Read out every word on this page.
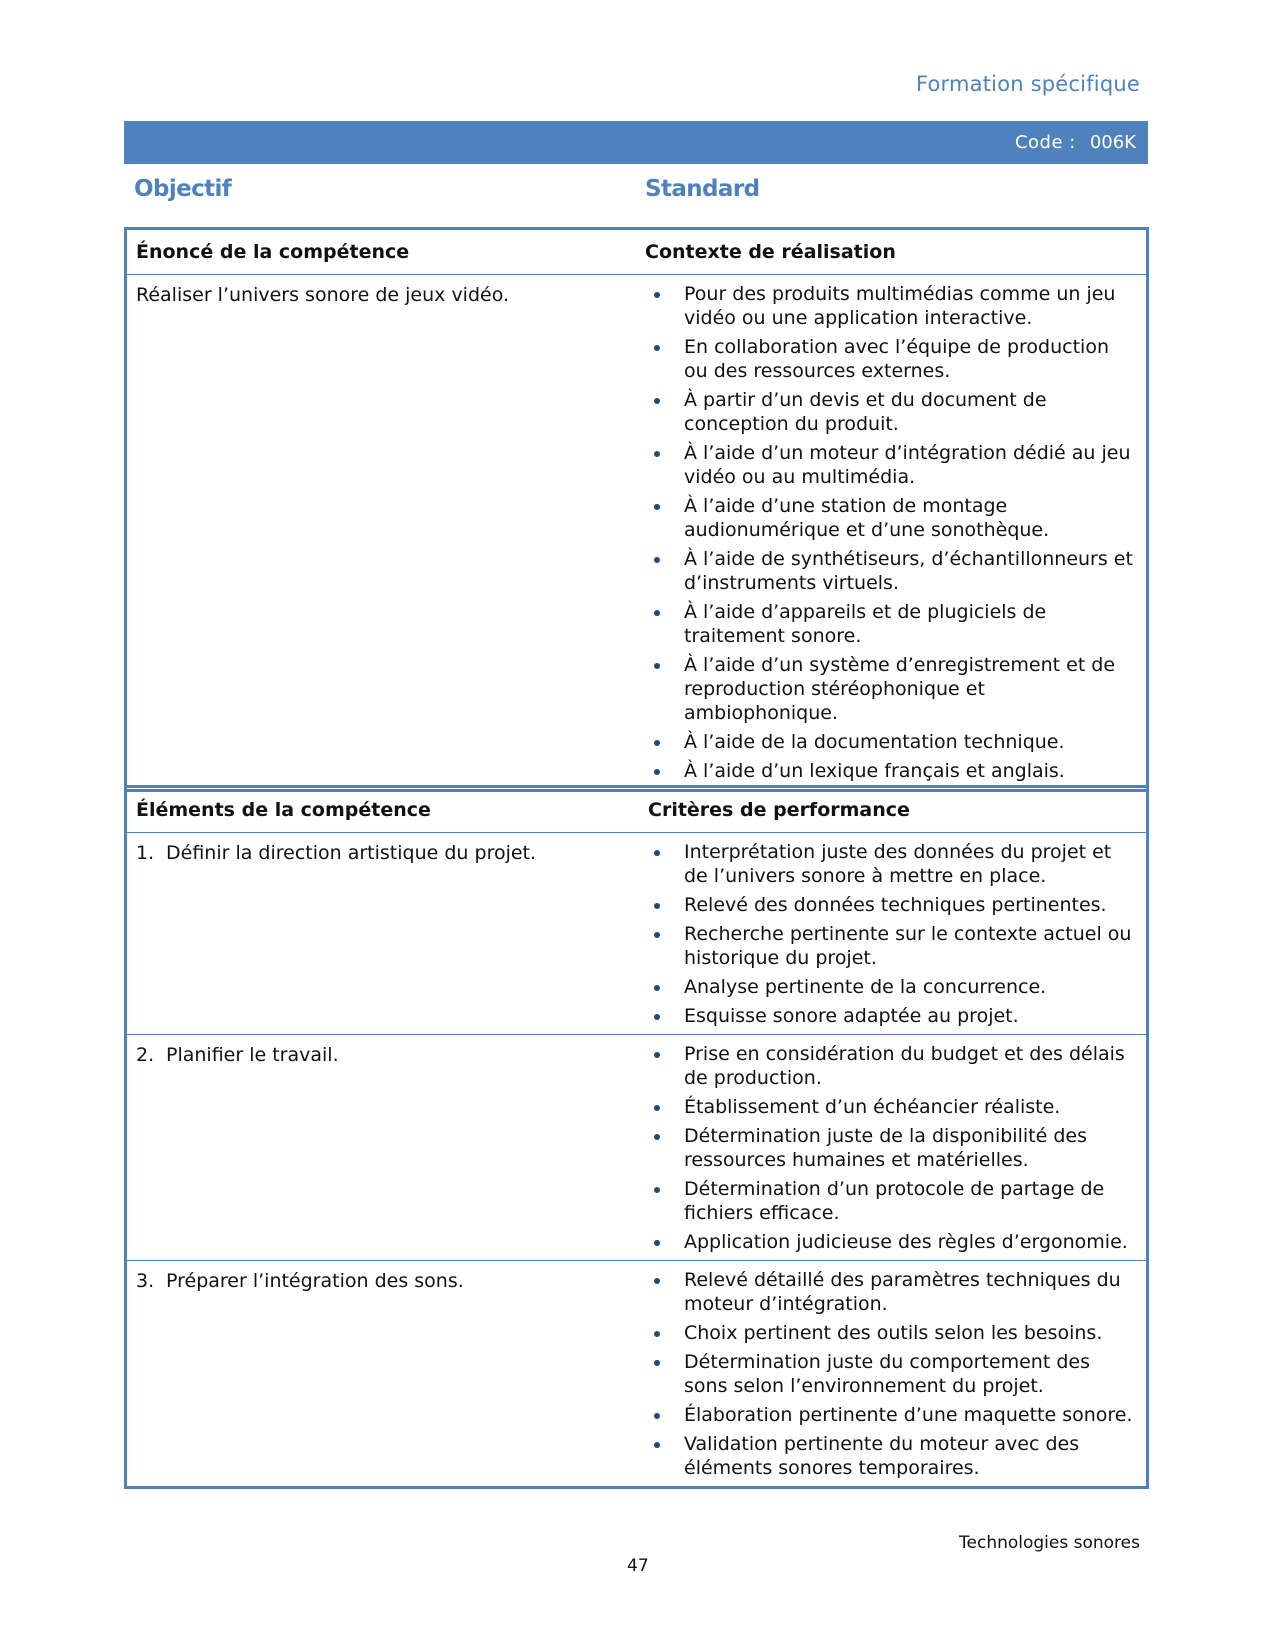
Formation spécifique
Code : 006K
Objectif	Standard
Énoncé de la compétence	Contexte de réalisation

Réaliser l’univers sonore de jeux vidéo.	Pour des produits multimédias comme un jeu vidéo ou une application interactive.
En collaboration avec l’équipe de production ou des ressources externes.
À partir d’un devis et du document de conception du produit.
À l’aide d’un moteur d’intégration dédié au jeu vidéo ou au multimédia.
À l’aide d’une station de montage audionumérique et d’une sonothèque.
À l’aide de synthétiseurs, d’échantillonneurs et d’instruments virtuels.
À l’aide d’appareils et de plugiciels de traitement sonore.
À l’aide d’un système d’enregistrement et de reproduction stéréophonique et ambiophonique.
À l’aide de la documentation technique.
À l’aide d’un lexique français et anglais.
Éléments de la compétence	Critères de performance

1. Définir la direction artistique du projet.	Interprétation juste des données du projet et de l’univers sonore à mettre en place.
Relevé des données techniques pertinentes.
Recherche pertinente sur le contexte actuel ou historique du projet.
Analyse pertinente de la concurrence.
Esquisse sonore adaptée au projet.

2. Planifier le travail.	Prise en considération du budget et des délais de production.
Établissement d’un échéancier réaliste.
Détermination juste de la disponibilité des ressources humaines et matérielles.
Détermination d’un protocole de partage de fichiers efficace.
Application judicieuse des règles d’ergonomie.

3. Préparer l’intégration des sons.	Relevé détaillé des paramètres techniques du moteur d’intégration.
Choix pertinent des outils selon les besoins.
Détermination juste du comportement des sons selon l’environnement du projet.
Élaboration pertinente d’une maquette sonore.
Validation pertinente du moteur avec des éléments sonores temporaires.
Technologies sonores
47
